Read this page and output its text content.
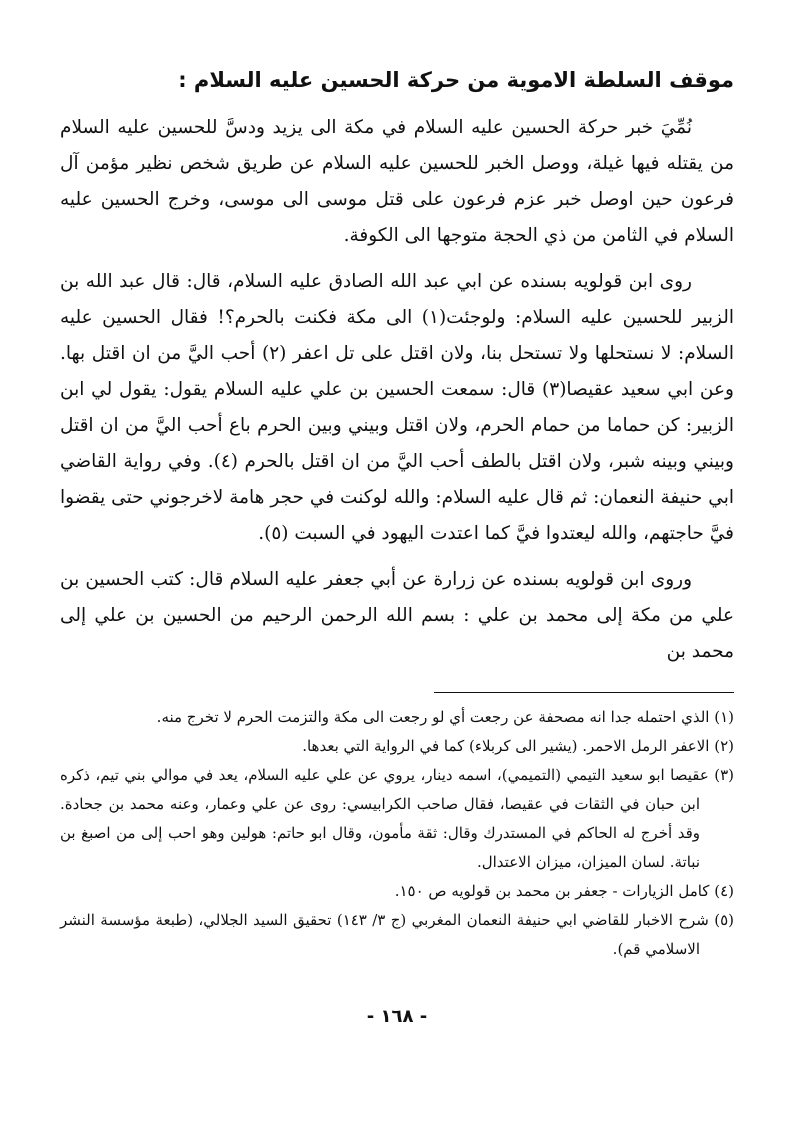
موقف السلطة الاموية من حركة الحسين عليه السلام :

نُمِّيَ خبر حركة الحسين عليه السلام في مكة الى يزيد ودسَّ للحسين عليه السلام من يقتله فيها غيلة، ووصل الخبر للحسين عليه السلام عن طريق شخص نظير مؤمن آل فرعون حين اوصل خبر عزم فرعون على قتل موسى الى موسى، وخرج الحسين عليه السلام في الثامن من ذي الحجة متوجها الى الكوفة.

روى ابن قولويه بسنده عن ابي عبد الله الصادق عليه السلام، قال: قال عبد الله بن الزبير للحسين عليه السلام: ولوجئت(١) الى مكة فكنت بالحرم؟! فقال الحسين عليه السلام: لا نستحلها ولا تستحل بنا، ولان اقتل على تل اعفر (٢) أحب اليَّ من ان اقتل بها. وعن ابي سعيد عقيصا(٣) قال: سمعت الحسين بن علي عليه السلام يقول: يقول لي ابن الزبير: كن حماما من حمام الحرم، ولان اقتل وبيني وبين الحرم باع أحب اليَّ من ان اقتل وبيني وبينه شبر، ولان اقتل بالطف أحب اليَّ من ان اقتل بالحرم (٤). وفي رواية القاضي ابي حنيفة النعمان: ثم قال عليه السلام: والله لوكنت في حجر هامة لاخرجوني حتى يقضوا فيَّ حاجتهم، والله ليعتدوا فيَّ كما اعتدت اليهود في السبت (٥).

وروى ابن قولويه بسنده عن زرارة عن أبي جعفر عليه السلام قال: كتب الحسين بن علي من مكة إلى محمد بن علي : بسم الله الرحمن الرحيم من الحسين بن علي إلى محمد بن

(١) الذي احتمله جدا انه مصحفة عن رجعت أي لو رجعت الى مكة والتزمت الحرم لا تخرج منه.
(٢) الاعفر الرمل الاحمر. (يشير الى كربلاء) كما في الرواية التي بعدها.
(٣) عقيصا ابو سعيد التيمي (التميمي)، اسمه دينار، يروي عن علي عليه السلام، يعد في موالي بني تيم، ذكره ابن حبان في الثقات في عقيصا، فقال صاحب الكرابيسي: روى عن علي وعمار، وعنه محمد بن جحادة. وقد أخرج له الحاكم في المستدرك وقال: ثقة مأمون، وقال ابو حاتم: هولين وهو احب إلى من اصبغ بن نباتة. لسان الميزان، ميزان الاعتدال.
(٤) كامل الزيارات - جعفر بن محمد بن قولويه ص ١٥٠.
(٥) شرح الاخبار للقاضي ابي حنيفة النعمان المغربي (ج ٣/ ١٤٣) تحقيق السيد الجلالي، (طبعة مؤسسة النشر الاسلامي قم).
- ١٦٨ -
